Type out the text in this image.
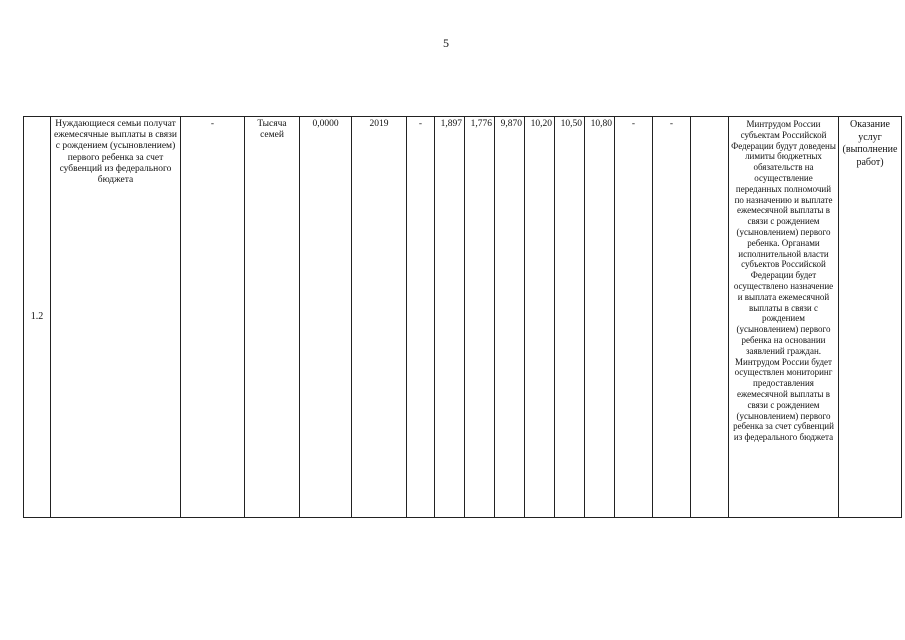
5
1.2	Нуждающиеся семьи получат ежемесячные выплаты в связи с рождением (усыновлением) первого ребенка за счет субвенций из федерального бюджета	-	Тысяча семей	0,0000	2019	-	1,897	1,776	9,870	10,20	10,50	10,80	-	-		Минтрудом России субъектам Российской Федерации будут доведены лимиты бюджетных обязательств на осуществление переданных полномочий по назначению и выплате ежемесячной выплаты в связи с рождением (усыновлением) первого ребенка. Органами исполнительной власти субъектов Российской Федерации будет осуществлено назначение и выплата ежемесячной выплаты в связи с рождением (усыновлением) первого ребенка на основании заявлений граждан. Минтрудом России будет осуществлен мониторинг предоставления ежемесячной выплаты в связи с рождением (усыновлением) первого ребенка за счет субвенций из федерального бюджета	Оказание услуг (выполнение работ)
